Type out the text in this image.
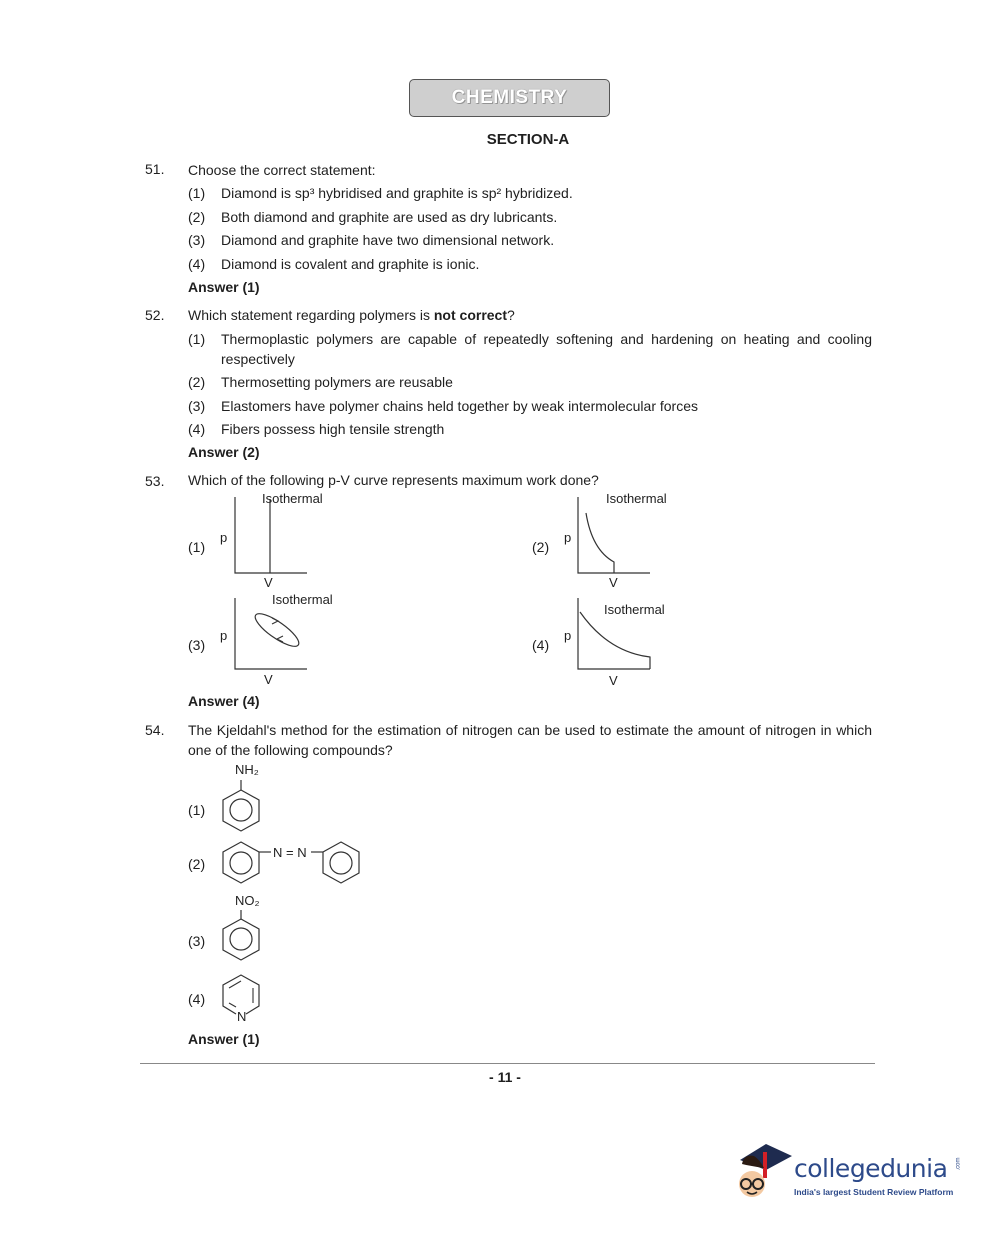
CHEMISTRY
SECTION-A
51. Choose the correct statement:
(1)	Diamond is sp³ hybridised and graphite is sp² hybridized.
(2)	Both diamond and graphite are used as dry lubricants.
(3)	Diamond and graphite have two dimensional network.
(4)	Diamond is covalent and graphite is ionic.
Answer (1)
52. Which statement regarding polymers is not correct?
(1)	Thermoplastic polymers are capable of repeatedly softening and hardening on heating and cooling respectively
(2)	Thermosetting polymers are reusable
(3)	Elastomers have polymer chains held together by weak intermolecular forces
(4)	Fibers possess high tensile strength
Answer (2)
53. Which of the following p-V curve represents maximum work done?
(1)
Isothermal
p
V
(2)
Isothermal
p
V
(3)
Isothermal
p
V
(4)
Isothermal
p
V
Answer (4)
54. The Kjeldahl's method for the estimation of nitrogen can be used to estimate the amount of nitrogen in which one of the following compounds?
(1)
NH₂
(2)
N = N
(3)
NO₂
(4)
N
Answer (1)
- 11 -
collegedunia .com
India's largest Student Review Platform
